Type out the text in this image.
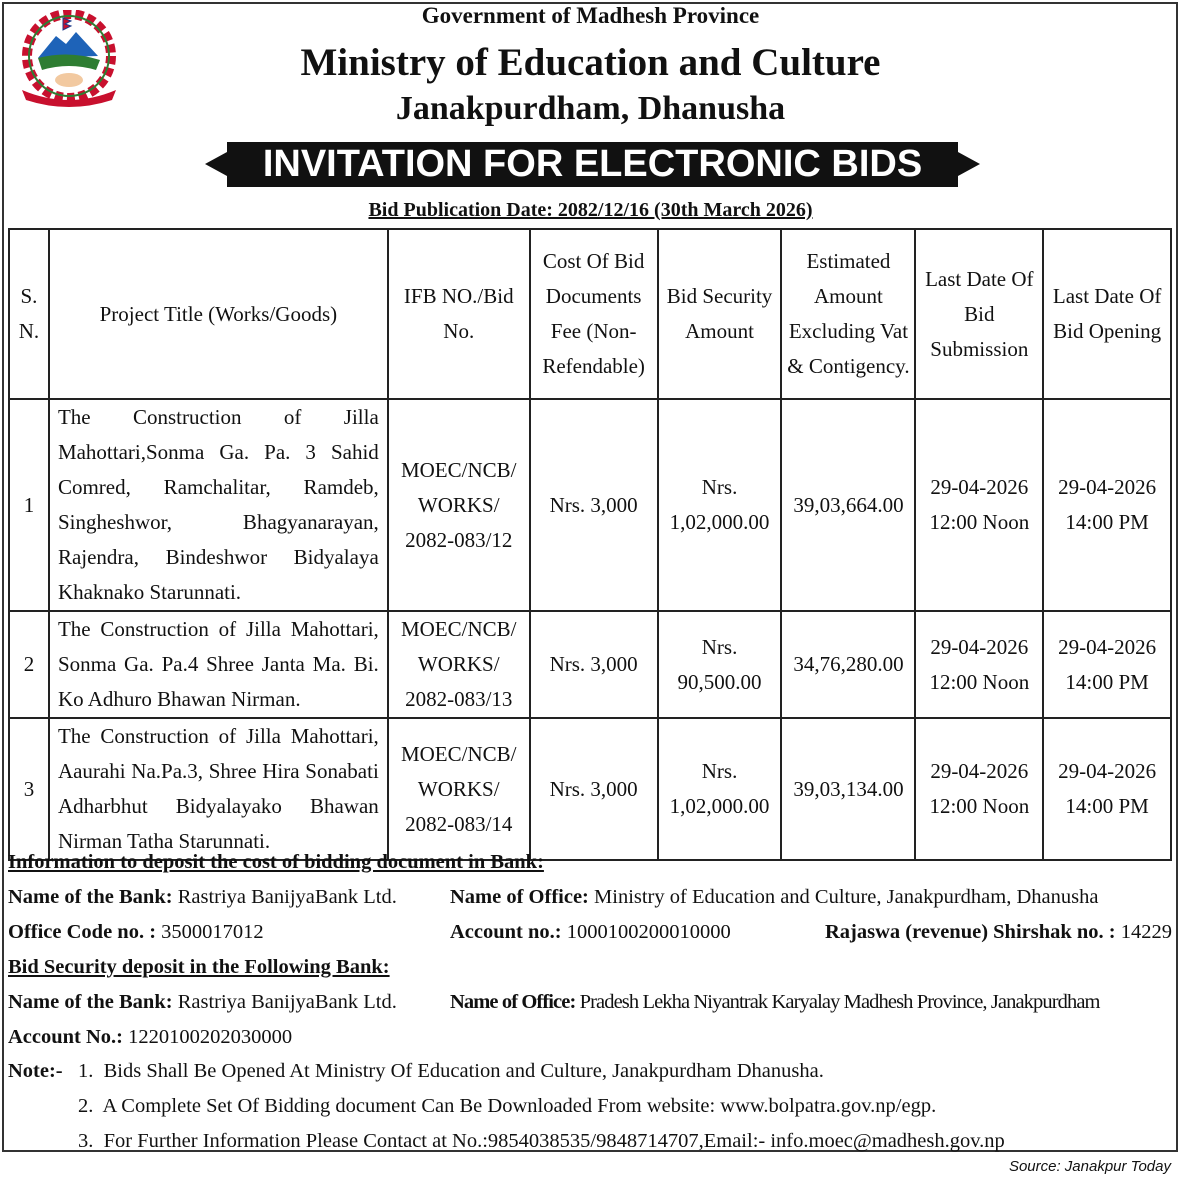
Government of Madhesh Province
Ministry of Education and Culture
Janakpurdham, Dhanusha
INVITATION FOR ELECTRONIC BIDS
Bid Publication Date: 2082/12/16 (30th March 2026)
S. N.	Project Title (Works/Goods)	IFB NO./Bid No.	Cost Of Bid Documents Fee (Non-Refendable)	Bid Security Amount	Estimated Amount Excluding Vat & Contigency.	Last Date Of Bid Submission	Last Date Of Bid Opening
1	The Construction of Jilla Mahottari,Sonma Ga. Pa. 3 Sahid Comred, Ramchalitar, Ramdeb, Singheshwor, Bhagyanarayan, Rajendra, Bindeshwor Bidyalaya Khaknako Starunnati.	MOEC/NCB/ WORKS/ 2082-083/12	Nrs. 3,000	Nrs. 1,02,000.00	39,03,664.00	29-04-2026 12:00 Noon	29-04-2026 14:00 PM
2	The Construction of Jilla Mahottari, Sonma Ga. Pa.4 Shree Janta Ma. Bi. Ko Adhuro Bhawan Nirman.	MOEC/NCB/ WORKS/ 2082-083/13	Nrs. 3,000	Nrs. 90,500.00	34,76,280.00	29-04-2026 12:00 Noon	29-04-2026 14:00 PM
3	The Construction of Jilla Mahottari, Aaurahi Na.Pa.3, Shree Hira Sonabati Adharbhut Bidyalayako Bhawan Nirman Tatha Starunnati.	MOEC/NCB/ WORKS/ 2082-083/14	Nrs. 3,000	Nrs. 1,02,000.00	39,03,134.00	29-04-2026 12:00 Noon	29-04-2026 14:00 PM
Information to deposit the cost of bidding document in Bank:
Name of the Bank: Rastriya BanijyaBank Ltd.	Name of Office: Ministry of Education and Culture, Janakpurdham, Dhanusha
Office Code no. : 3500017012	Account no.: 1000100200010000	Rajaswa (revenue) Shirshak no. : 14229
Bid Security deposit in the Following Bank:
Name of the Bank: Rastriya BanijyaBank Ltd.	Name of Office: Pradesh Lekha Niyantrak Karyalay Madhesh Province, Janakpurdham
Account No.: 1220100202030000
Note:- 1.  Bids Shall Be Opened At Ministry Of Education and Culture, Janakpurdham Dhanusha.
2.  A Complete Set Of Bidding document Can Be Downloaded From website: www.bolpatra.gov.np/egp.
3.  For Further Information Please Contact at No.:9854038535/9848714707,Email:- info.moec@madhesh.gov.np
Source: Janakpur Today
